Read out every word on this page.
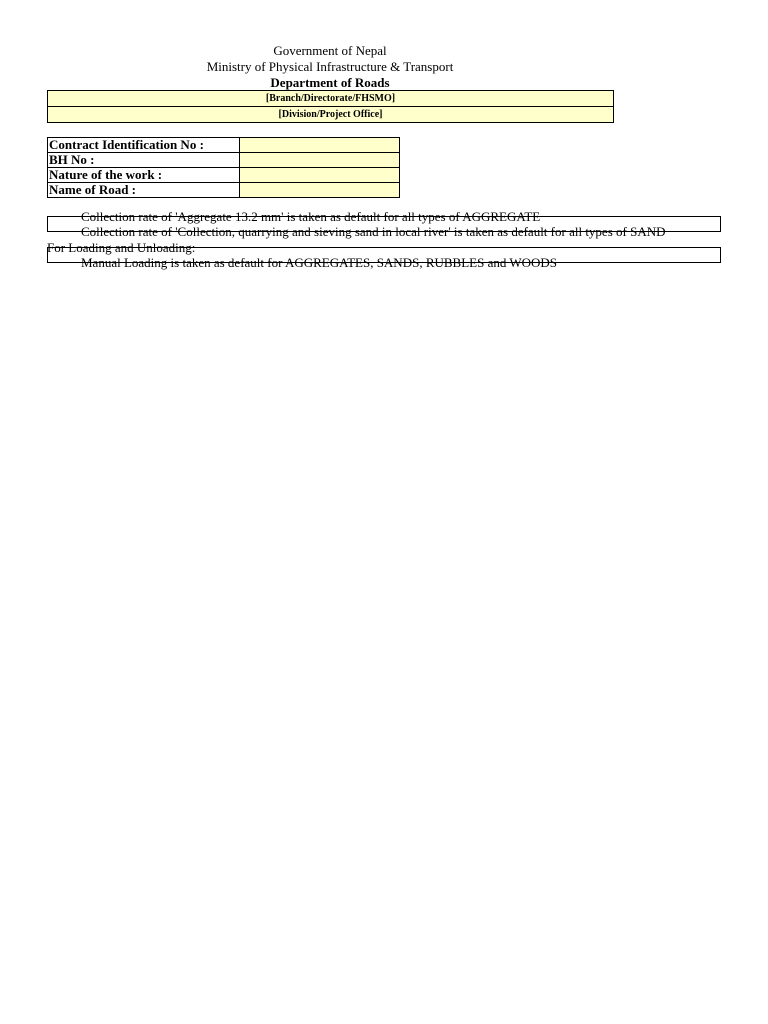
Government of Nepal
Ministry of Physical Infrastructure & Transport
Department of Roads
[Branch/Directorate/FHSMO]
[Division/Project Office]
Contract Identification No :	
BH No :	
Nature of the work :	
Name of Road :	
Collection rate of 'Aggregate 13.2 mm' is taken as default for all types of AGGREGATE
Collection rate of 'Collection, quarrying and sieving sand in local river' is taken as default for all types of SAND
For Loading and Unloading:
Manual Loading is taken as default for AGGREGATES, SANDS, RUBBLES and WOODS
